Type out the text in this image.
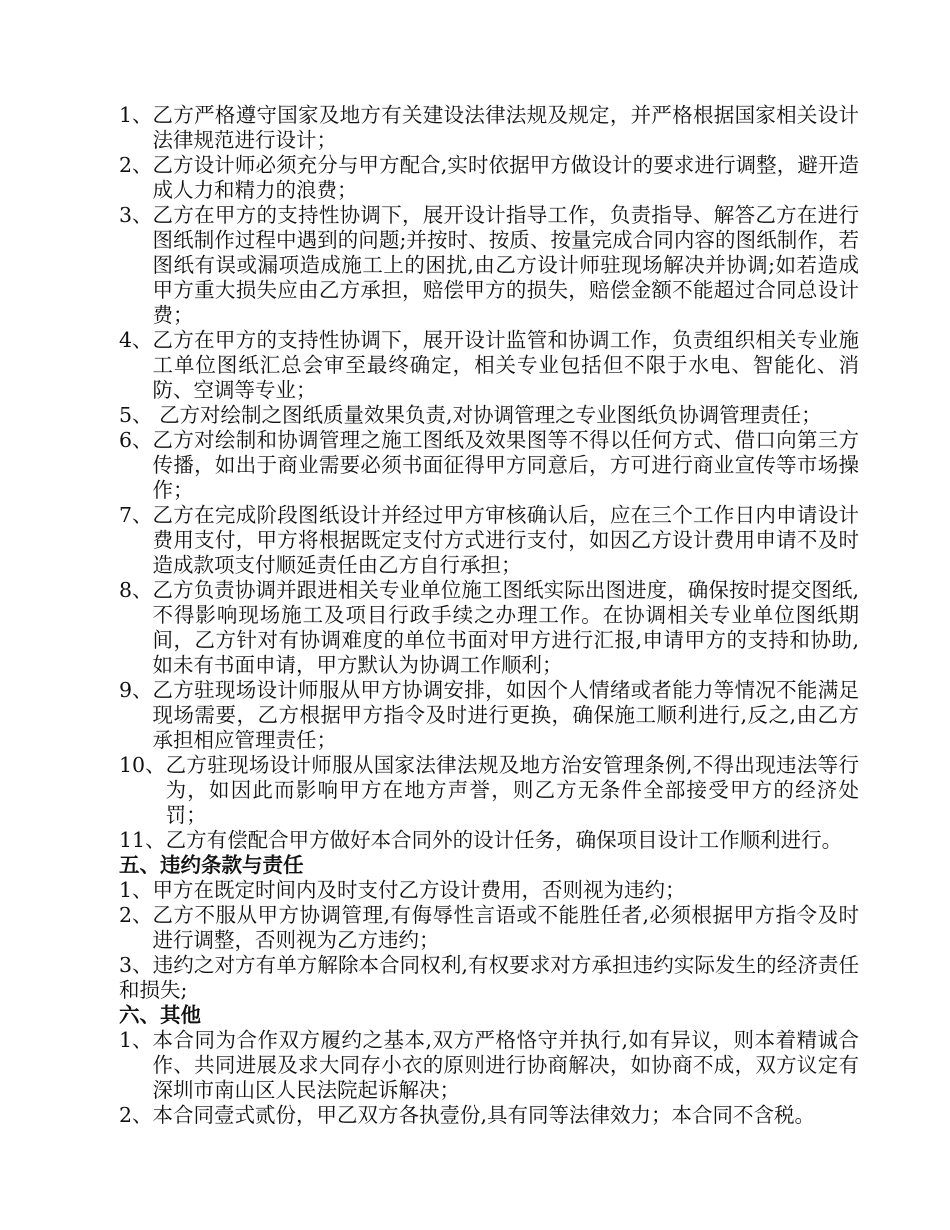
1、 乙方严格遵守国家及地方有关建设法律法规及规定，并严格根据国家相关设计法律规范进行设计；
2、 乙方设计师必须充分与甲方配合,实时依据甲方做设计的要求进行调整，避开造成人力和精力的浪费；
3、 乙方在甲方的支持性协调下，展开设计指导工作，负责指导、解答乙方在进行图纸制作过程中遇到的问题;并按时、按质、按量完成合同内容的图纸制作，若图纸有误或漏项造成施工上的困扰,由乙方设计师驻现场解决并协调;如若造成甲方重大损失应由乙方承担，赔偿甲方的损失，赔偿金额不能超过合同总设计费；
4、 乙方在甲方的支持性协调下，展开设计监管和协调工作，负责组织相关专业施工单位图纸汇总会审至最终确定，相关专业包括但不限于水电、智能化、消防、空调等专业；
5、 乙方对绘制之图纸质量效果负责,对协调管理之专业图纸负协调管理责任；
6、 乙方对绘制和协调管理之施工图纸及效果图等不得以任何方式、借口向第三方传播，如出于商业需要必须书面征得甲方同意后，方可进行商业宣传等市场操作；
7、 乙方在完成阶段图纸设计并经过甲方审核确认后，应在三个工作日内申请设计费用支付，甲方将根据既定支付方式进行支付，如因乙方设计费用申请不及时造成款项支付顺延责任由乙方自行承担；
8、 乙方负责协调并跟进相关专业单位施工图纸实际出图进度，确保按时提交图纸,不得影响现场施工及项目行政手续之办理工作。在协调相关专业单位图纸期间，乙方针对有协调难度的单位书面对甲方进行汇报,申请甲方的支持和协助,如未有书面申请，甲方默认为协调工作顺利；
9、 乙方驻现场设计师服从甲方协调安排，如因个人情绪或者能力等情况不能满足现场需要，乙方根据甲方指令及时进行更换，确保施工顺利进行,反之,由乙方承担相应管理责任；
10、 乙方驻现场设计师服从国家法律法规及地方治安管理条例,不得出现违法等行为，如因此而影响甲方在地方声誉，则乙方无条件全部接受甲方的经济处罚；

11、乙方有偿配合甲方做好本合同外的设计任务，确保项目设计工作顺利进行。

五、违约条款与责任

1、 甲方在既定时间内及时支付乙方设计费用，否则视为违约；
2、 乙方不服从甲方协调管理,有侮辱性言语或不能胜任者,必须根据甲方指令及时进行调整，否则视为乙方违约；

3、违约之对方有单方解除本合同权利,有权要求对方承担违约实际发生的经济责任和损失;

六、其他

1、 本合同为合作双方履约之基本,双方严格恪守并执行,如有异议，则本着精诚合作、共同进展及求大同存小衣的原则进行协商解决，如协商不成，双方议定有深圳市南山区人民法院起诉解决；
2、 本合同壹式贰份，甲乙双方各执壹份,具有同等法律效力；本合同不含税。
